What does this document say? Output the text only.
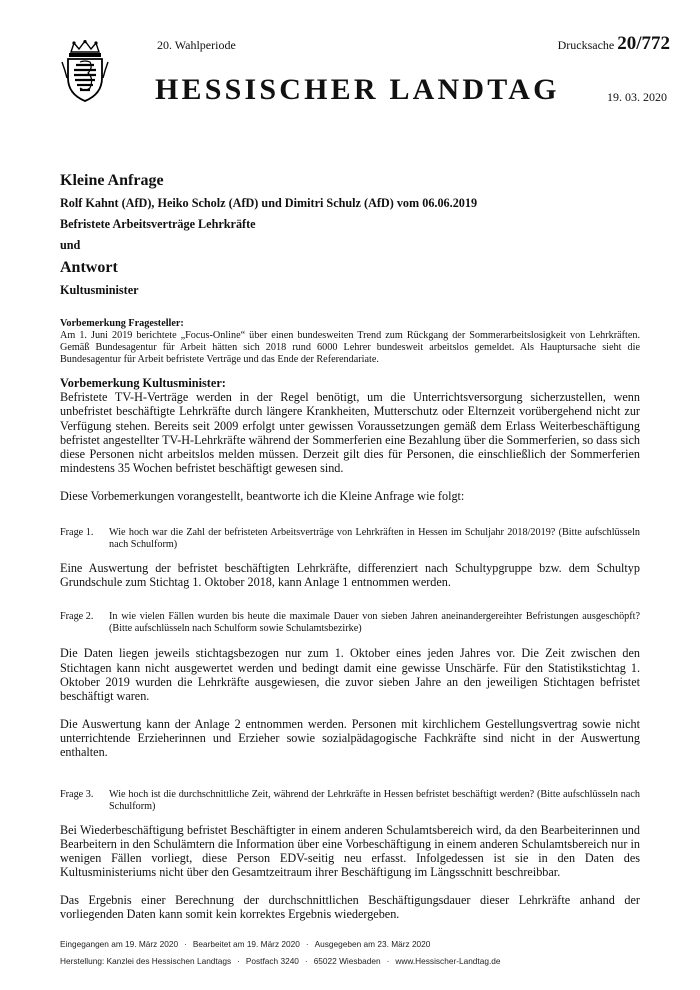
20. Wahlperiode	Drucksache 20/772
HESSISCHER LANDTAG	19. 03. 2020
Kleine Anfrage
Rolf Kahnt (AfD), Heiko Scholz (AfD) und Dimitri Schulz (AfD) vom 06.06.2019
Befristete Arbeitsverträge Lehrkräfte
und
Antwort
Kultusminister
Vorbemerkung Fragesteller:
Am 1. Juni 2019 berichtete „Focus-Online“ über einen bundesweiten Trend zum Rückgang der Sommerarbeitslosigkeit von Lehrkräften. Gemäß Bundesagentur für Arbeit hätten sich 2018 rund 6000 Lehrer bundesweit arbeitslos gemeldet. Als Hauptursache sieht die Bundesagentur für Arbeit befristete Verträge und das Ende der Referendariate.
Vorbemerkung Kultusminister:
Befristete TV-H-Verträge werden in der Regel benötigt, um die Unterrichtsversorgung sicherzustellen, wenn unbefristet beschäftigte Lehrkräfte durch längere Krankheiten, Mutterschutz oder Elternzeit vorübergehend nicht zur Verfügung stehen. Bereits seit 2009 erfolgt unter gewissen Voraussetzungen gemäß dem Erlass Weiterbeschäftigung befristet angestellter TV-H-Lehrkräfte während der Sommerferien eine Bezahlung über die Sommerferien, so dass sich diese Personen nicht arbeitslos melden müssen. Derzeit gilt dies für Personen, die einschließlich der Sommerferien mindestens 35 Wochen befristet beschäftigt gewesen sind.
Diese Vorbemerkungen vorangestellt, beantworte ich die Kleine Anfrage wie folgt:
Frage 1.	Wie hoch war die Zahl der befristeten Arbeitsverträge von Lehrkräften in Hessen im Schuljahr 2018/2019? (Bitte aufschlüsseln nach Schulform)
Eine Auswertung der befristet beschäftigten Lehrkräfte, differenziert nach Schultypgruppe bzw. dem Schultyp Grundschule zum Stichtag 1. Oktober 2018, kann Anlage 1 entnommen werden.
Frage 2.	In wie vielen Fällen wurden bis heute die maximale Dauer von sieben Jahren aneinandergereihter Befristungen ausgeschöpft? (Bitte aufschlüsseln nach Schulform sowie Schulamtsbezirke)
Die Daten liegen jeweils stichtagsbezogen nur zum 1. Oktober eines jeden Jahres vor. Die Zeit zwischen den Stichtagen kann nicht ausgewertet werden und bedingt damit eine gewisse Unschärfe. Für den Statistikstichtag 1. Oktober 2019 wurden die Lehrkräfte ausgewiesen, die zuvor sieben Jahre an den jeweiligen Stichtagen befristet beschäftigt waren.
Die Auswertung kann der Anlage 2 entnommen werden. Personen mit kirchlichem Gestellungsvertrag sowie nicht unterrichtende Erzieherinnen und Erzieher sowie sozialpädagogische Fachkräfte sind nicht in der Auswertung enthalten.
Frage 3.	Wie hoch ist die durchschnittliche Zeit, während der Lehrkräfte in Hessen befristet beschäftigt werden? (Bitte aufschlüsseln nach Schulform)
Bei Wiederbeschäftigung befristet Beschäftigter in einem anderen Schulamtsbereich wird, da den Bearbeiterinnen und Bearbeitern in den Schulämtern die Information über eine Vorbeschäftigung in einem anderen Schulamtsbereich nur in wenigen Fällen vorliegt, diese Person EDV-seitig neu erfasst. Infolgedessen ist sie in den Daten des Kultusministeriums nicht über den Gesamtzeitraum ihrer Beschäftigung im Längsschnitt beschreibbar.
Das Ergebnis einer Berechnung der durchschnittlichen Beschäftigungsdauer dieser Lehrkräfte anhand der vorliegenden Daten kann somit kein korrektes Ergebnis wiedergeben.
Eingegangen am 19. März 2020 · Bearbeitet am 19. März 2020 · Ausgegeben am 23. März 2020
Herstellung: Kanzlei des Hessischen Landtags · Postfach 3240 · 65022 Wiesbaden · www.Hessischer-Landtag.de
